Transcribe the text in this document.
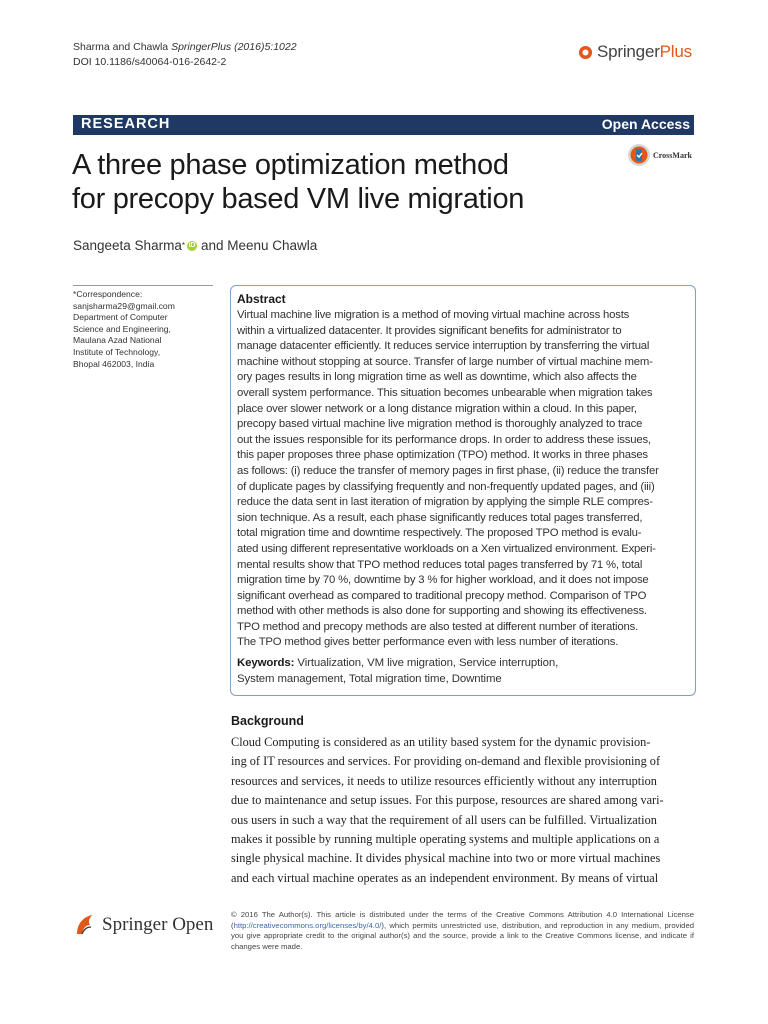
Sharma and Chawla SpringerPlus (2016)5:1022
DOI 10.1186/s40064-016-2642-2
SpringerPlus
RESEARCH	Open Access
A three phase optimization method
for precopy based VM live migration
CrossMark
Sangeeta Sharma * iD and Meenu Chawla
*Correspondence:
sanjsharma29@gmail.com
Department of Computer
Science and Engineering,
Maulana Azad National
Institute of Technology,
Bhopal 462003, India
Abstract
Virtual machine live migration is a method of moving virtual machine across hosts
within a virtualized datacenter. It provides significant benefits for administrator to
manage datacenter efficiently. It reduces service interruption by transferring the virtual
machine without stopping at source. Transfer of large number of virtual machine mem-
ory pages results in long migration time as well as downtime, which also affects the
overall system performance. This situation becomes unbearable when migration takes
place over slower network or a long distance migration within a cloud. In this paper,
precopy based virtual machine live migration method is thoroughly analyzed to trace
out the issues responsible for its performance drops. In order to address these issues,
this paper proposes three phase optimization (TPO) method. It works in three phases
as follows: (i) reduce the transfer of memory pages in first phase, (ii) reduce the transfer
of duplicate pages by classifying frequently and non-frequently updated pages, and (iii)
reduce the data sent in last iteration of migration by applying the simple RLE compres-
sion technique. As a result, each phase significantly reduces total pages transferred,
total migration time and downtime respectively. The proposed TPO method is evalu-
ated using different representative workloads on a Xen virtualized environment. Experi-
mental results show that TPO method reduces total pages transferred by 71 %, total
migration time by 70 %, downtime by 3 % for higher workload, and it does not impose
significant overhead as compared to traditional precopy method. Comparison of TPO
method with other methods is also done for supporting and showing its effectiveness.
TPO method and precopy methods are also tested at different number of iterations.
The TPO method gives better performance even with less number of iterations.
Keywords: Virtualization, VM live migration, Service interruption,
System management, Total migration time, Downtime
Background
Cloud Computing is considered as an utility based system for the dynamic provision-
ing of IT resources and services. For providing on-demand and flexible provisioning of
resources and services, it needs to utilize resources efficiently without any interruption
due to maintenance and setup issues. For this purpose, resources are shared among vari-
ous users in such a way that the requirement of all users can be fulfilled. Virtualization
makes it possible by running multiple operating systems and multiple applications on a
single physical machine. It divides physical machine into two or more virtual machines
and each virtual machine operates as an independent environment. By means of virtual
Springer Open © 2016 The Author(s). This article is distributed under the terms of the Creative Commons Attribution 4.0 International License (http://creativecommons.org/licenses/by/4.0/), which permits unrestricted use, distribution, and reproduction in any medium, provided you give appropriate credit to the original author(s) and the source, provide a link to the Creative Commons license, and indicate if changes were made.
